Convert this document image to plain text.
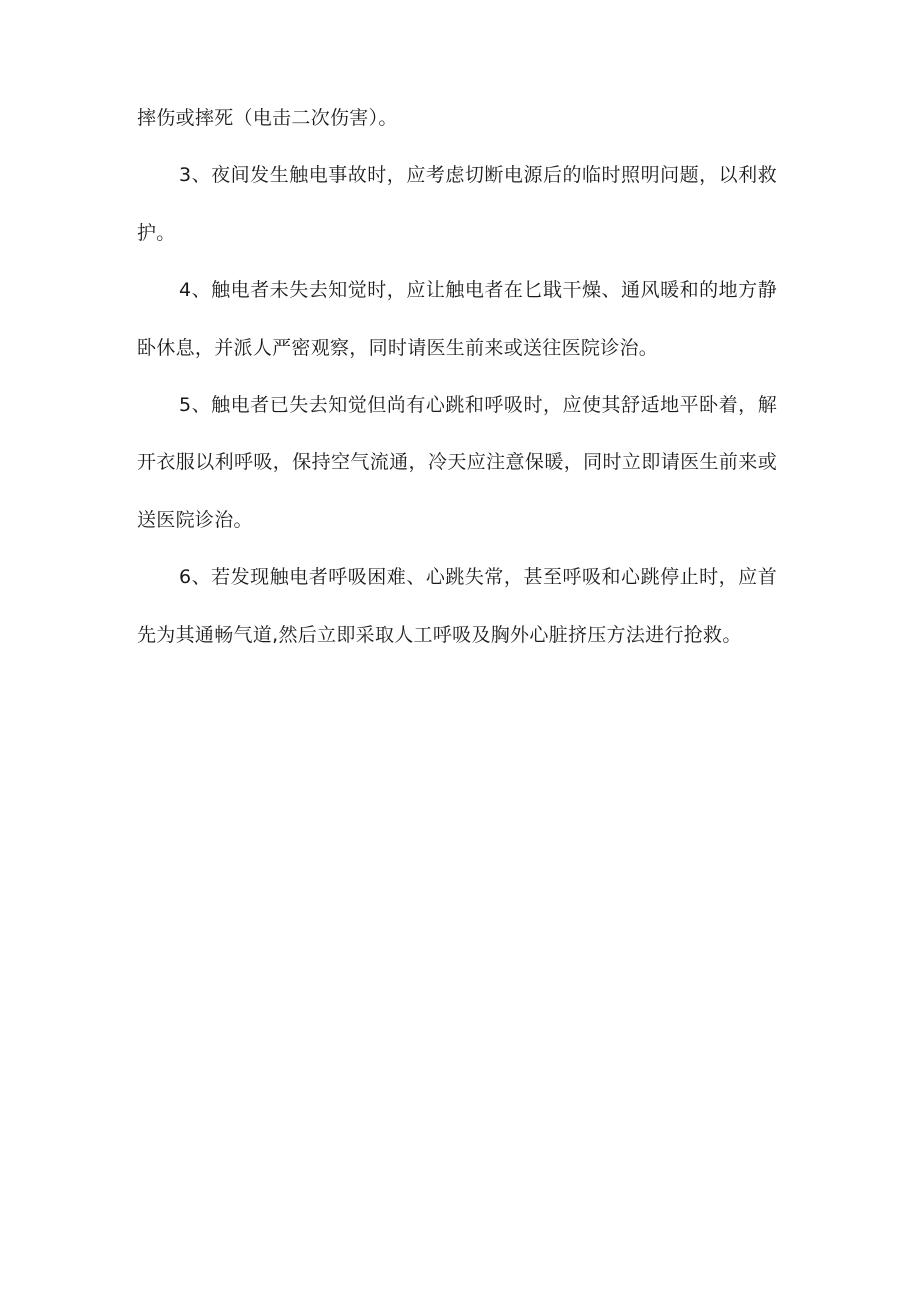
摔伤或摔死（电击二次伤害）。

3、夜间发生触电事故时，应考虑切断电源后的临时照明问题，以利救护。

4、触电者未失去知觉时，应让触电者在匕戢干燥、通风暖和的地方静卧休息，并派人严密观察，同时请医生前来或送往医院诊治。

5、触电者已失去知觉但尚有心跳和呼吸时，应使其舒适地平卧着，解开衣服以利呼吸，保持空气流通，冷天应注意保暖，同时立即请医生前来或送医院诊治。

6、若发现触电者呼吸困难、心跳失常，甚至呼吸和心跳停止时，应首先为其通畅气道,然后立即采取人工呼吸及胸外心脏挤压方法进行抢救。
